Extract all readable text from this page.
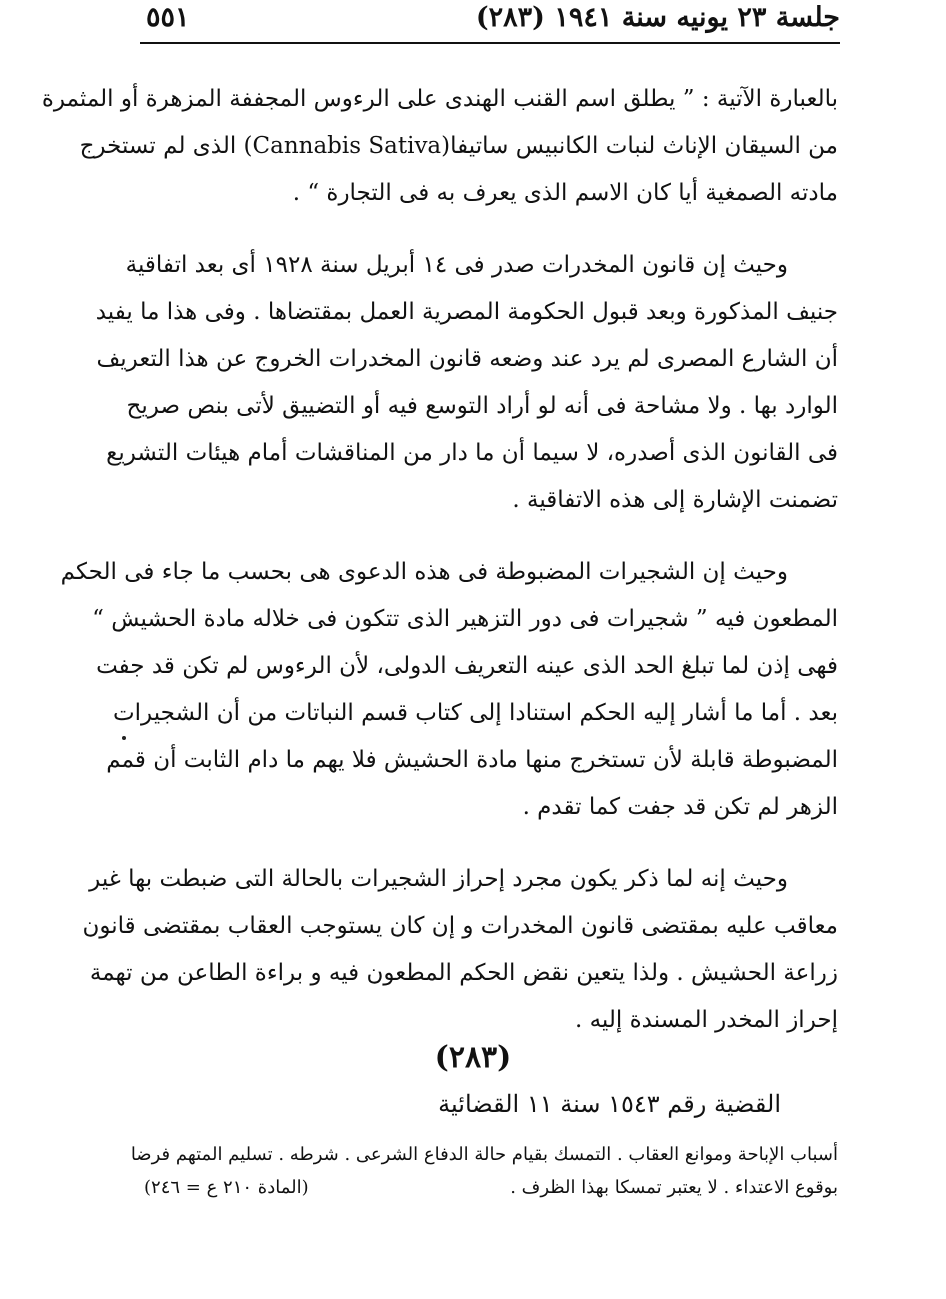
جلسة ٢٣ يونيه سنة ١٩٤١ (٢٨٣)
٥٥١
بالعبارة الآتية : ” يطلق اسم القنب الهندى على الرءوس المجففة المزهرة أو المثمرة
من السيقان الإناث لنبات الكانبيس ساتيفا(Cannabis Sativa) الذى لم تستخرج
مادته الصمغية أيا كان الاسم الذى يعرف به فى التجارة “ .
وحيث إن قانون المخدرات صدر فى ١٤ أبريل سنة ١٩٢٨ أى بعد اتفاقية
جنيف المذكورة وبعد قبول الحكومة المصرية العمل بمقتضاها . وفى هذا ما يفيد
أن الشارع المصرى لم يرد عند وضعه قانون المخدرات الخروج عن هذا التعريف
الوارد بها . ولا مشاحة فى أنه لو أراد التوسع فيه أو التضييق لأتى بنص صريح
فى القانون الذى أصدره، لا سيما أن ما دار من المناقشات أمام هيئات التشريع
تضمنت الإشارة إلى هذه الاتفاقية .
وحيث إن الشجيرات المضبوطة فى هذه الدعوى هى بحسب ما جاء فى الحكم
المطعون فيه ” شجيرات فى دور التزهير الذى تتكون فى خلاله مادة الحشيش “
فهى إذن لما تبلغ الحد الذى عينه التعريف الدولى، لأن الرءوس لم تكن قد جفت
بعد . أما ما أشار إليه الحكم استنادا إلى كتاب قسم النباتات من أن الشجيرات
المضبوطة قابلة لأن تستخرج منها مادة الحشيش فلا يهم ما دام الثابت أن قمم
الزهر لم تكن قد جفت كما تقدم .
وحيث إنه لما ذكر يكون مجرد إحراز الشجيرات بالحالة التى ضبطت بها غير
معاقب عليه بمقتضى قانون المخدرات و إن كان يستوجب العقاب بمقتضى قانون
زراعة الحشيش . ولذا يتعين نقض الحكم المطعون فيه و براءة الطاعن من تهمة
إحراز المخدر المسندة إليه .
(٢٨٣)
القضية رقم ١٥٤٣ سنة ١١ القضائية
أسباب الإباحة وموانع العقاب . التمسك بقيام حالة الدفاع الشرعى . شرطه . تسليم المتهم فرضا
بوقوع الاعتداء . لا يعتبر تمسكا بهذا الظرف .
(المادة ٢١٠ ع = ٢٤٦)
